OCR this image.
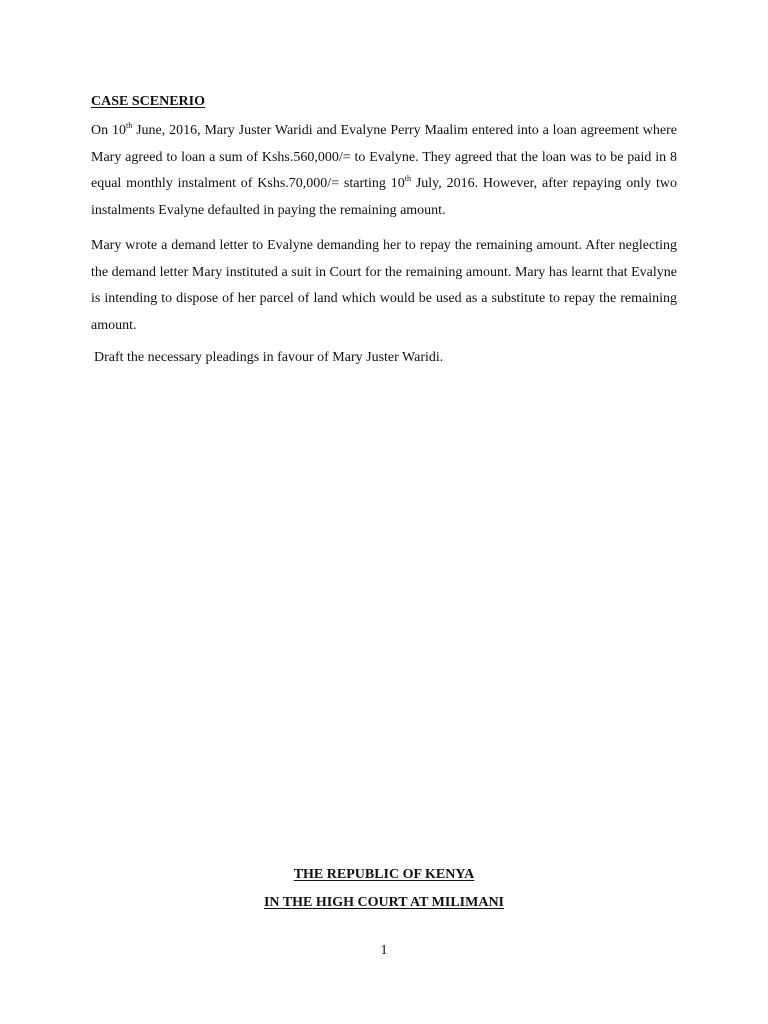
CASE SCENERIO

On 10th June, 2016, Mary Juster Waridi and Evalyne Perry Maalim entered into a loan agreement where Mary agreed to loan a sum of Kshs.560,000/= to Evalyne. They agreed that the loan was to be paid in 8 equal monthly instalment of Kshs.70,000/= starting 10th July, 2016. However, after repaying only two instalments Evalyne defaulted in paying the remaining amount.

Mary wrote a demand letter to Evalyne demanding her to repay the remaining amount. After neglecting the demand letter Mary instituted a suit in Court for the remaining amount. Mary has learnt that Evalyne is intending to dispose of her parcel of land which would be used as a substitute to repay the remaining amount.

Draft the necessary pleadings in favour of Mary Juster Waridi.

THE REPUBLIC OF KENYA

IN THE HIGH COURT AT MILIMANI

1
